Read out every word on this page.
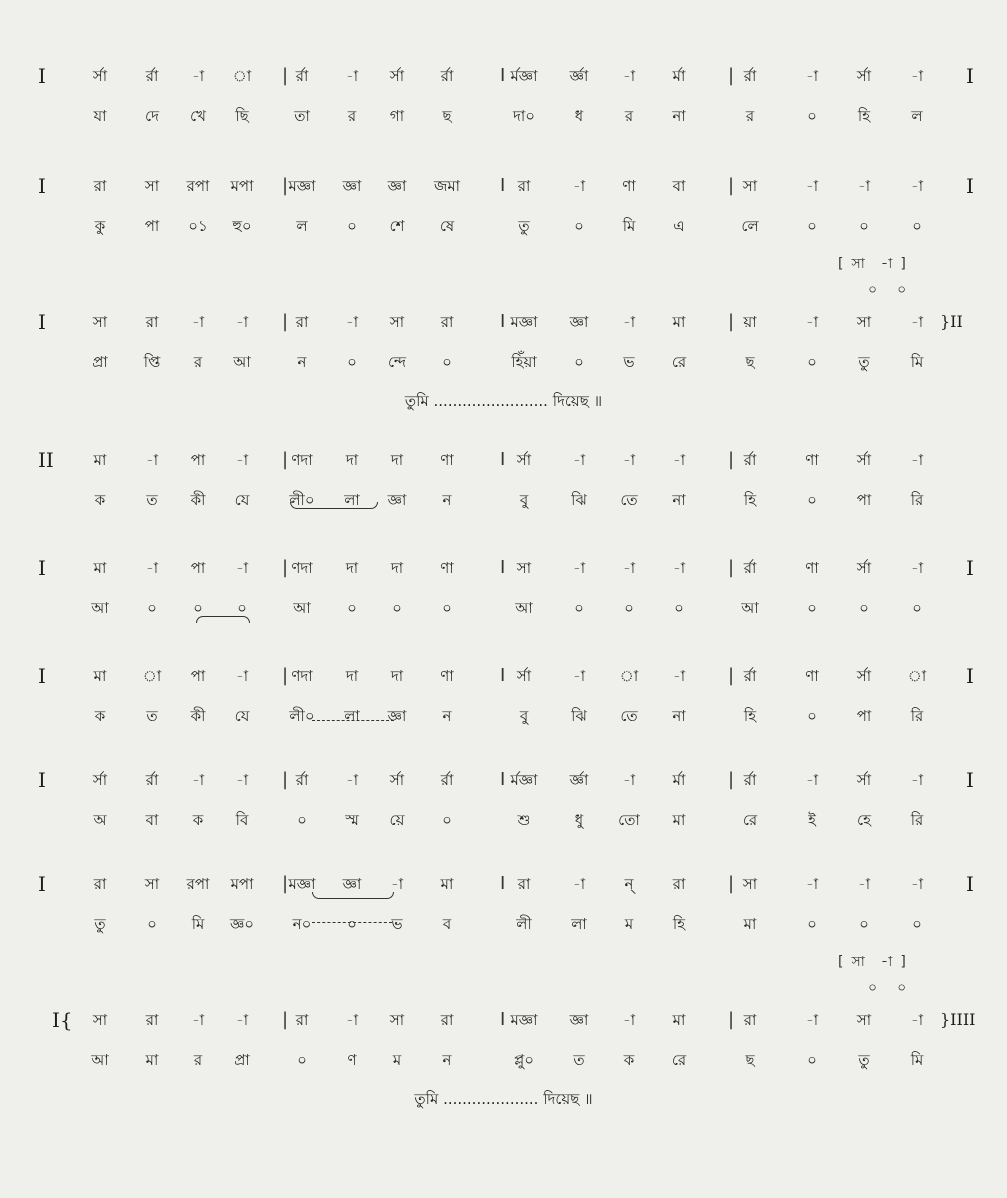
I	র্সা	র্রা	-া	া	র্রা	-া	র্সা	র্রা	র্মজ্ঞা	র্জ্ঞা	-া	র্মা	র্রা	-া	র্সা	-া
|	I	|	I
যা	দে	খে	ছি	তা	র	গা	ছ	দা০	ধ	র	না	র	০	হি	ল
I	রা	সা	রপা	মপা	মজ্ঞা	জ্ঞা	জ্ঞা	জমা	রা	-া	ণা	বা	সা	-া	-া	-া
|	I	|	I
কু	পা	০১	হু০	ল	০	শে	ষে	তু	০	মি	এ	লে	০	০	০
[ সা -া ]
০ ০
I	সা	রা	-া	-া	রা	-া	সা	রা	মজ্ঞা	জ্ঞা	-া	মা	য়া	-া	সা	-া
|	I	|	}II
প্রা	প্তি	র	আ	ন	০	ন্দে	০	হিঁয়া	০	ভ	রে	ছ	০	তু	মি
তুমি ........................ দিয়েছ ॥
II	মা	-া	পা	-া	ণদা	দা	দা	ণা	র্সা	-া	-া	-া	র্রা	ণা	র্সা	-া
|	I	|
ক	ত	কী	যে	লী০	লা	জ্ঞা	ন	বু	ঝি	তে	না	হি	০	পা	রি
I	মা	-া	পা	-া	ণদা	দা	দা	ণা	সা	-া	-া	-া	র্রা	ণা	র্সা	-া
|	I	|	I
আ	০	০	০	আ	০	০	০	আ	০	০	০	আ	০	০	০
I	মা	া	পা	-া	ণদা	দা	দা	ণা	র্সা	-া	া	-া	র্রা	ণা	র্সা	া
|	I	|	I
ক	ত	কী	যে	লী০	লা	জ্ঞা	ন	বু	ঝি	তে	না	হি	০	পা	রি
I	র্সা	র্রা	-া	-া	র্রা	-া	র্সা	র্রা	র্মজ্ঞা	র্জ্ঞা	-া	র্মা	র্রা	-া	র্সা	-া
|	I	|	I
অ	বা	ক	বি	০	স্ম	য়ে	০	শু	ধু	তো	মা	রে	ই	হে	রি
I	রা	সা	রপা	মপা	মজ্ঞা	জ্ঞা	-া	মা	রা	-া	ন্	রা	সা	-া	-া	-া
|	I	|	I
তু	০	মি	জ্ঞ০	ন০	০	ভ	ব	লী	লা	ম	হি	মা	০	০	০
[ সা -া ]
০ ০
I{	সা	রা	-া	-া	রা	-া	সা	রা	মজ্ঞা	জ্ঞা	-া	মা	রা	-া	সা	-া
|	I	|	}IIII
আ	মা	র	প্রা	০	ণ	ম	ন	প্লু০	ত	ক	রে	ছ	০	তু	মি
তুমি .................... দিয়েছ ॥
